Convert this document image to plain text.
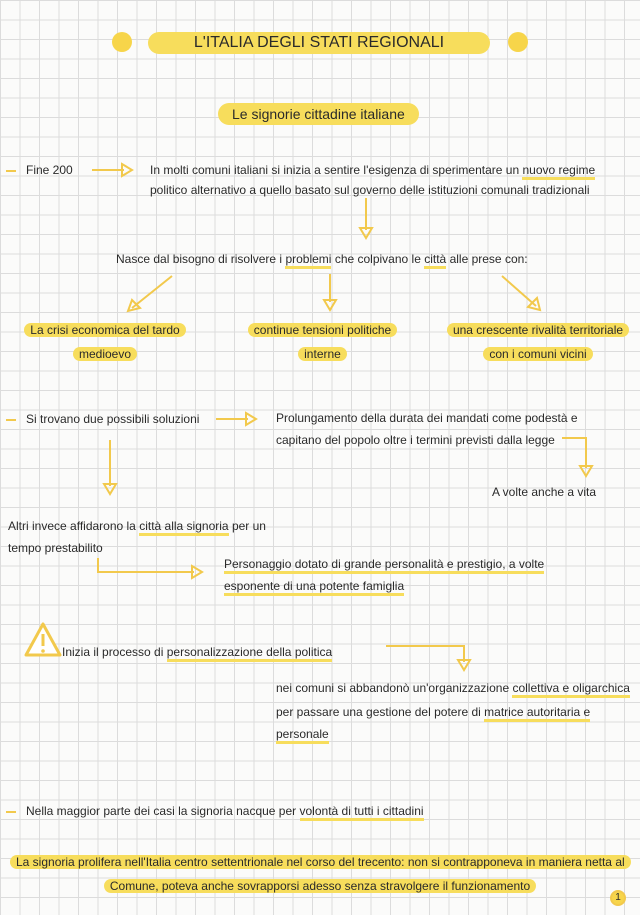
L'ITALIA DEGLI STATI REGIONALI
Le signorie cittadine italiane
Fine 200	In molti comuni italiani si inizia a sentire l'esigenza di sperimentare un nuovo regime
politico alternativo a quello basato sul governo delle istituzioni comunali tradizionali
Nasce dal bisogno di risolvere i problemi che colpivano le città alle prese con:
La crisi economica del tardo
medioevo
continue tensioni politiche
interne
una crescente rivalità territoriale
con i comuni vicini
Si trovano due possibili soluzioni	Prolungamento della durata dei mandati come podestà e
capitano del popolo oltre i termini previsti dalla legge
A volte anche a vita
Altri invece affidarono la città alla signoria per un
tempo prestabilito
Personaggio dotato di grande personalità e prestigio, a volte
esponente di una potente famiglia
Inizia il processo di personalizzazione della politica
nei comuni si abbandonò un'organizzazione collettiva e oligarchica
per passare una gestione del potere di matrice autoritaria e
personale
Nella maggior parte dei casi la signoria nacque per volontà di tutti i cittadini
La signoria prolifera nell'Italia centro settentrionale nel corso del trecento: non si contrapponeva in maniera netta al
Comune, poteva anche sovrapporsi adesso senza stravolgere il funzionamento
1
